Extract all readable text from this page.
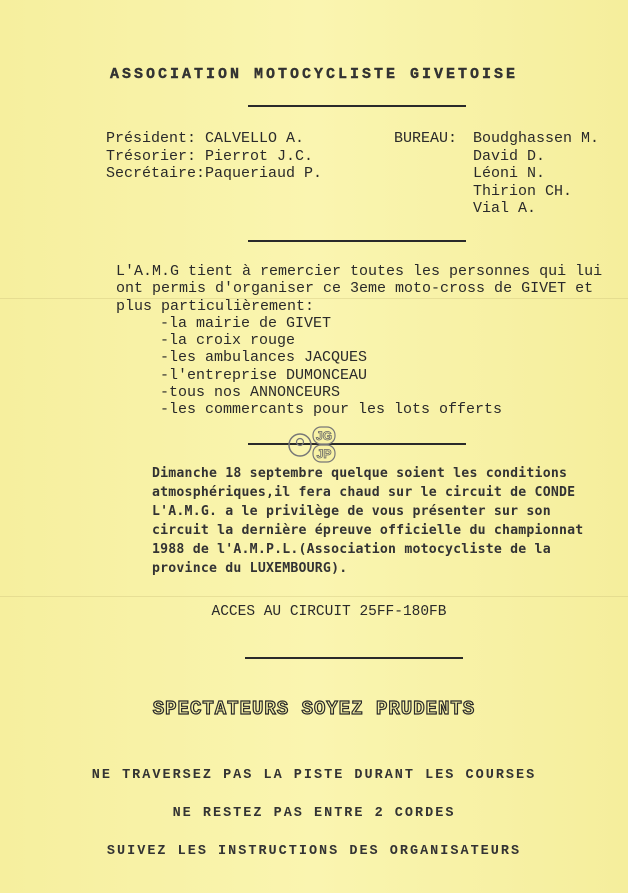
ASSOCIATION MOTOCYCLISTE GIVETOISE
Président: CALVELLO A.
Trésorier: Pierrot J.C.
Secrétaire:Paqueriaud P.
BUREAU: Boudghassen M.
David D.
Léoni N.
Thirion CH.
Vial A.

L'A.M.G tient à remercier toutes les personnes qui lui ont permis d'organiser ce 3eme moto-cross de GIVET et plus particulièrement:

-la mairie de GIVET
-la croix rouge
-les ambulances JACQUES
-l'entreprise DUMONCEAU
-tous nos ANNONCEURS
-les commercants pour les lots offerts
JG
JP
Dimanche 18 septembre quelque soient les conditions atmosphériques,il fera chaud sur le circuit de CONDE L'A.M.G. a le privilège de vous présenter sur son circuit la dernière épreuve officielle du championnat 1988 de l'A.M.P.L.(Association motocycliste de la province du LUXEMBOURG).
ACCES AU CIRCUIT 25FF-180FB
SPECTATEURS SOYEZ PRUDENTS
NE TRAVERSEZ PAS LA PISTE DURANT LES COURSES
NE RESTEZ PAS ENTRE 2 CORDES
SUIVEZ LES INSTRUCTIONS DES ORGANISATEURS
